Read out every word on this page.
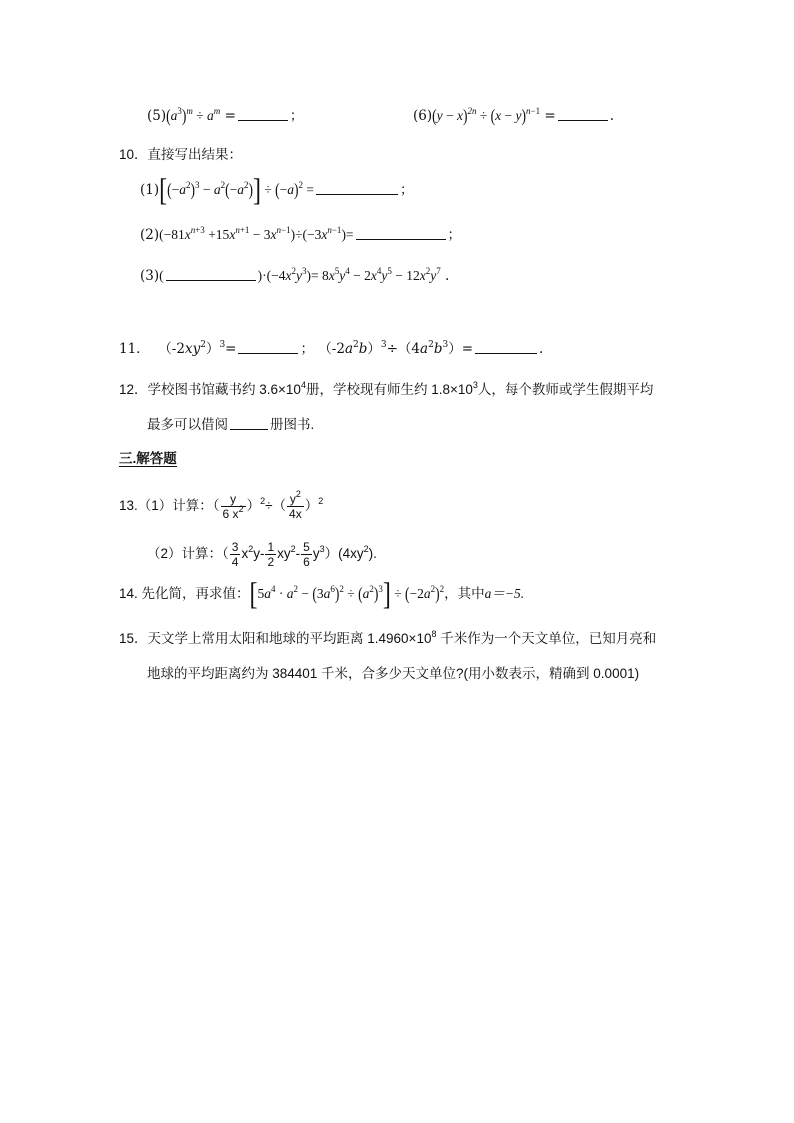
$(5)(a^3)^m \div a^m$ =	；	$(6)(y - x)^{2n} \div (x - y)^{n-1}$ =	.
10．直接写出结果：
$(1)[(-a^2)^3 - a^2(-a^2)] \div (-a)^2$ =	；
$(2)(-81x^{n+3} +15x^{n+1} - 3x^{n-1})\div(-3x^{n-1})=$	；
(3)(	)$\cdot(-4x^2y^3)= 8x^5y^4 - 2x^4y^5 - 12x^2y^7$ .
11． $(-2xy^2)^3=$	； $(-2a^2b)^3\div(4a^2b^3)=$	.
12．学校图书馆藏书约 $3.6\times 10^4$册，学校现有师生约 $1.8\times 10^3$人，每个教师或学生假期平均
最多可以借阅	册图书.
三.解答题
13.（1）计算：（ $\frac{y}{6 x^2} )^2\div( \frac{y^2}{4x} )^2$
（2）计算：（ $\frac{3}{4} x^2y- \frac{1}{2} xy^2- \frac{5}{6} y^3)(4xy^2)$.
14. 先化简，再求值：$[5a^4 \cdot a^2 - (3a^6)^2 \div (a^2)^3] \div (-2a^2)^2$，其中a＝−5.
15．天文学上常用太阳和地球的平均距离 $1.4960\times 10^8$ 千米作为一个天文单位，已知月亮和
地球的平均距离约为 384401 千米，合多少天文单位?(用小数表示，精确到 0.0001)
